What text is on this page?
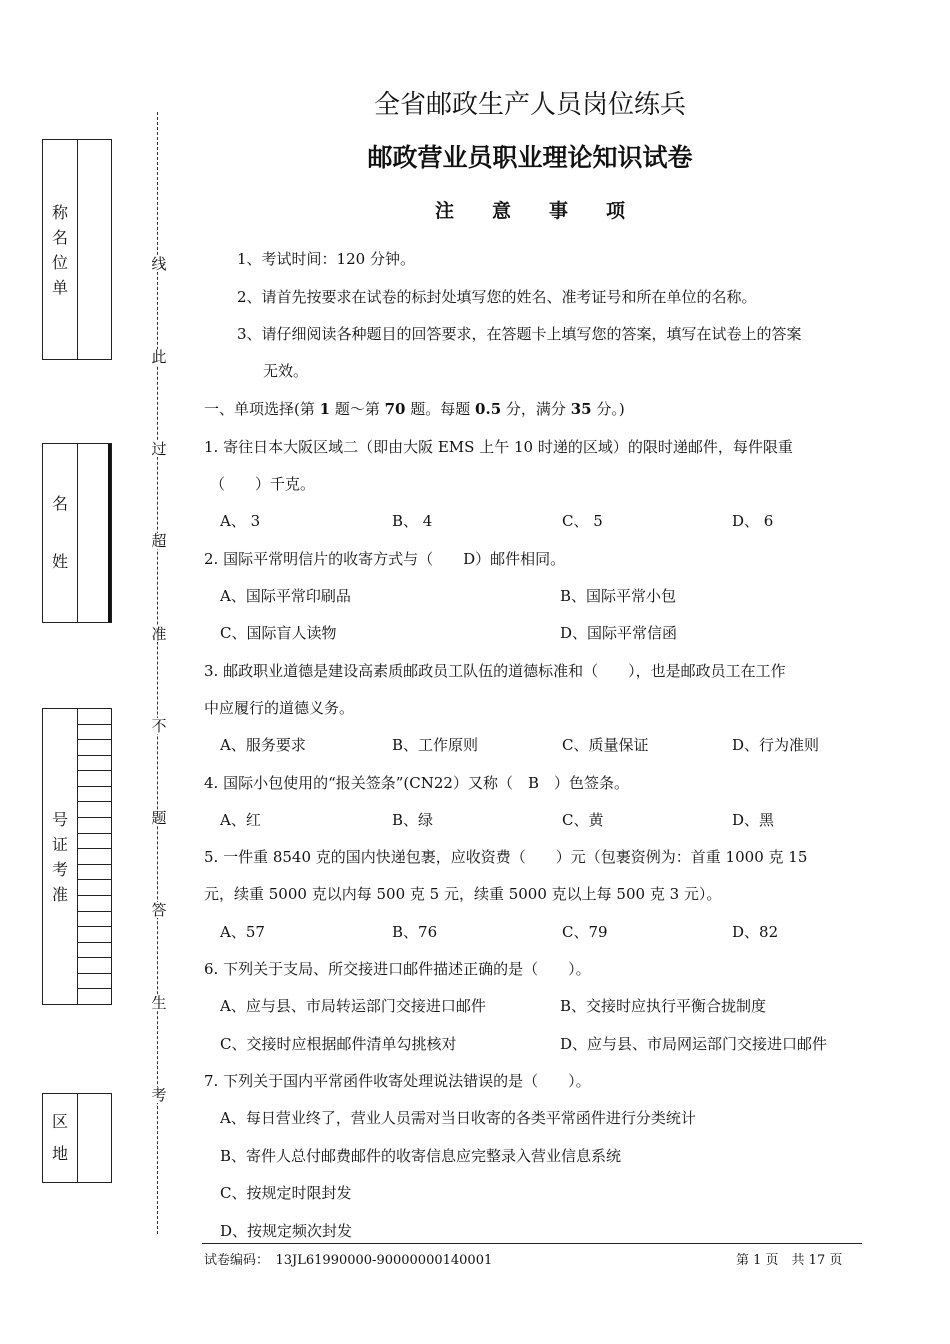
称
名
位
单
名
姓
号
证
考
准
区
地
线
此
过
超
准
不
题
答
生
考
全省邮政生产人员岗位练兵
邮政营业员职业理论知识试卷
注意事项
1、考试时间：120 分钟。
2、请首先按要求在试卷的标封处填写您的姓名、准考证号和所在单位的名称。
3、请仔细阅读各种题目的回答要求，在答题卡上填写您的答案，填写在试卷上的答案
无效。
一、单项选择(第 1 题～第 70 题。每题 0.5 分，满分 35 分。)
1. 寄往日本大阪区域二（即由大阪 EMS 上午 10 时递的区域）的限时递邮件，每件限重
（　　）千克。
A、 3	B、 4	C、 5	D、 6
2. 国际平常明信片的收寄方式与（　　D）邮件相同。
A、国际平常印刷品	B、国际平常小包
C、国际盲人读物	D、国际平常信函
3. 邮政职业道德是建设高素质邮政员工队伍的道德标准和（　　），也是邮政员工在工作
中应履行的道德义务。
A、服务要求	B、工作原则	C、质量保证	D、行为准则
4. 国际小包使用的“报关签条”(CN22）又称（　B　）色签条。
A、红	B、绿	C、黄	D、黑
5. 一件重 8540 克的国内快递包裹，应收资费（　　）元（包裹资例为：首重 1000 克 15
元，续重 5000 克以内每 500 克 5 元，续重 5000 克以上每 500 克 3 元）。
A、57	B、76	C、79	D、82
6. 下列关于支局、所交接进口邮件描述正确的是（　　）。
A、应与县、市局转运部门交接进口邮件	B、交接时应执行平衡合拢制度
C、交接时应根据邮件清单勾挑核对	D、应与县、市局网运部门交接进口邮件
7. 下列关于国内平常函件收寄处理说法错误的是（　　）。
A、每日营业终了，营业人员需对当日收寄的各类平常函件进行分类统计
B、寄件人总付邮费邮件的收寄信息应完整录入营业信息系统
C、按规定时限封发
D、按规定频次封发
试卷编码：　13JL61990000-90000000140001	第 1 页　共 17 页
